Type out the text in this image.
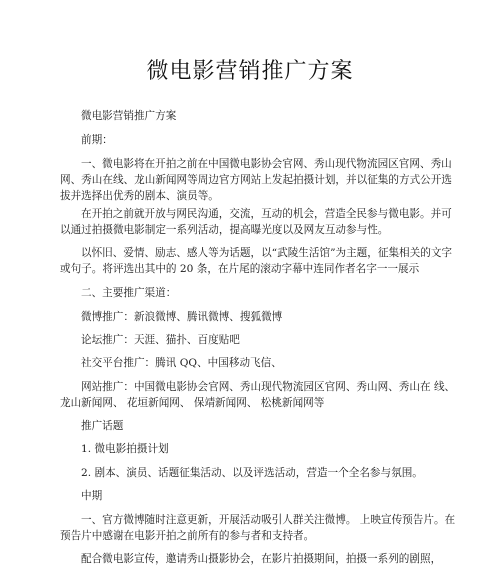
微电影营销推广方案
微电影营销推广方案
前期：
一、微电影将在开拍之前在中国微电影协会官网、秀山现代物流园区官网、秀山网、秀山在线、龙山新闻网等周边官方网站上发起拍摄计划，并以征集的方式公开选拔并选择出优秀的剧本、演员等。
在开拍之前就开放与网民沟通，交流，互动的机会，营造全民参与微电影。并可以通过拍摄微电影制定一系列活动，提高曝光度以及网友互动参与性。
以怀旧、爱情、励志、感人等为话题，以“武陵生活馆”为主题，征集相关的文字或句子。将评选出其中的 20 条，在片尾的滚动字幕中连同作者名字一一展示
二、主要推广渠道：
微博推广：新浪微博、腾讯微博、搜狐微博
论坛推广：天涯、猫扑、百度贴吧
社交平台推广：腾讯 QQ、中国移动飞信、
网站推广：中国微电影协会官网、秀山现代物流园区官网、秀山网、秀山在 线、龙山新闻网、 花垣新闻网、 保靖新闻网、 松桃新闻网等
推广话题
1. 微电影拍摄计划
2. 剧本、演员、话题征集活动、以及评选活动，营造一个全名参与氛围。
中期
一、官方微博随时注意更新，开展活动吸引人群关注微博。 上映宣传预告片。在预告片中感谢在电影开拍之前所有的参与者和支持者。
配合微电影宣传，邀请秀山摄影协会，在影片拍摄期间，拍摄一系列的剧照，
